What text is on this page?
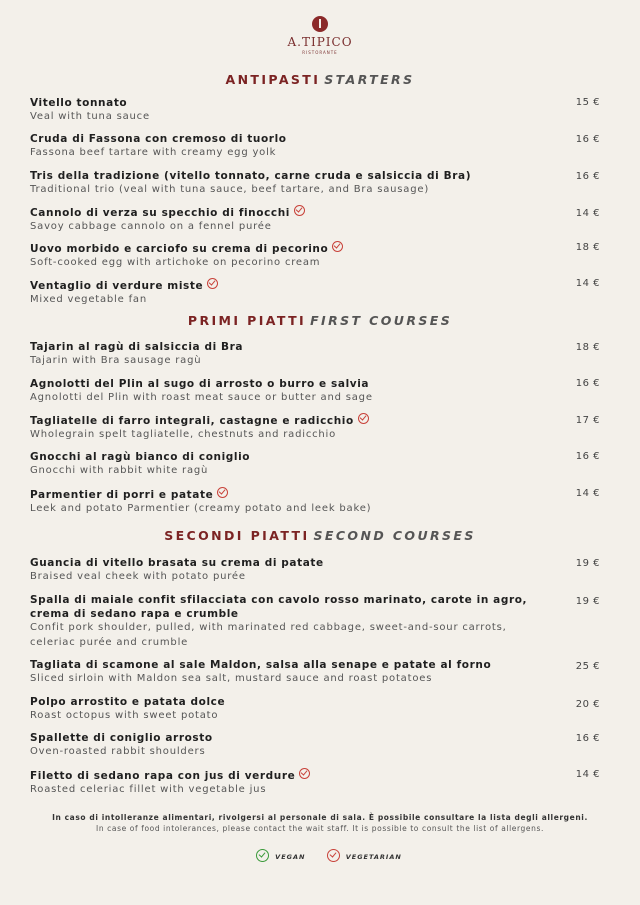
A.TIPICO
RISTORANTE
ANTIPASTI STARTERS
Vitello tonnato
Veal with tuna sauce
15 €
Cruda di Fassona con cremoso di tuorlo
Fassona beef tartare with creamy egg yolk
16 €
Tris della tradizione (vitello tonnato, carne cruda e salsiccia di Bra)
Traditional trio (veal with tuna sauce, beef tartare, and Bra sausage)
16 €
Cannolo di verza su specchio di finocchi
Savoy cabbage cannolo on a fennel purée
14 €
Uovo morbido e carciofo su crema di pecorino
Soft-cooked egg with artichoke on pecorino cream
18 €
Ventaglio di verdure miste
Mixed vegetable fan
14 €
PRIMI PIATTI FIRST COURSES
Tajarin al ragù di salsiccia di Bra
Tajarin with Bra sausage ragù
18 €
Agnolotti del Plin al sugo di arrosto o burro e salvia
Agnolotti del Plin with roast meat sauce or butter and sage
16 €
Tagliatelle di farro integrali, castagne e radicchio
Wholegrain spelt tagliatelle, chestnuts and radicchio
17 €
Gnocchi al ragù bianco di coniglio
Gnocchi with rabbit white ragù
16 €
Parmentier di porri e patate
Leek and potato Parmentier (creamy potato and leek bake)
14 €
SECONDI PIATTI SECOND COURSES
Guancia di vitello brasata su crema di patate
Braised veal cheek with potato purée
19 €
Spalla di maiale confit sfilacciata con cavolo rosso marinato, carote in agro, crema di sedano rapa e crumble
Confit pork shoulder, pulled, with marinated red cabbage, sweet-and-sour carrots, celeriac purée and crumble
19 €
Tagliata di scamone al sale Maldon, salsa alla senape e patate al forno
Sliced sirloin with Maldon sea salt, mustard sauce and roast potatoes
25 €
Polpo arrostito e patata dolce
Roast octopus with sweet potato
20 €
Spallette di coniglio arrosto
Oven-roasted rabbit shoulders
16 €
Filetto di sedano rapa con jus di verdure
Roasted celeriac fillet with vegetable jus
14 €
In caso di intolleranze alimentari, rivolgersi al personale di sala. È possibile consultare la lista degli allergeni.
In case of food intolerances, please contact the wait staff. It is possible to consult the list of allergens.
VEGAN	VEGETARIAN
